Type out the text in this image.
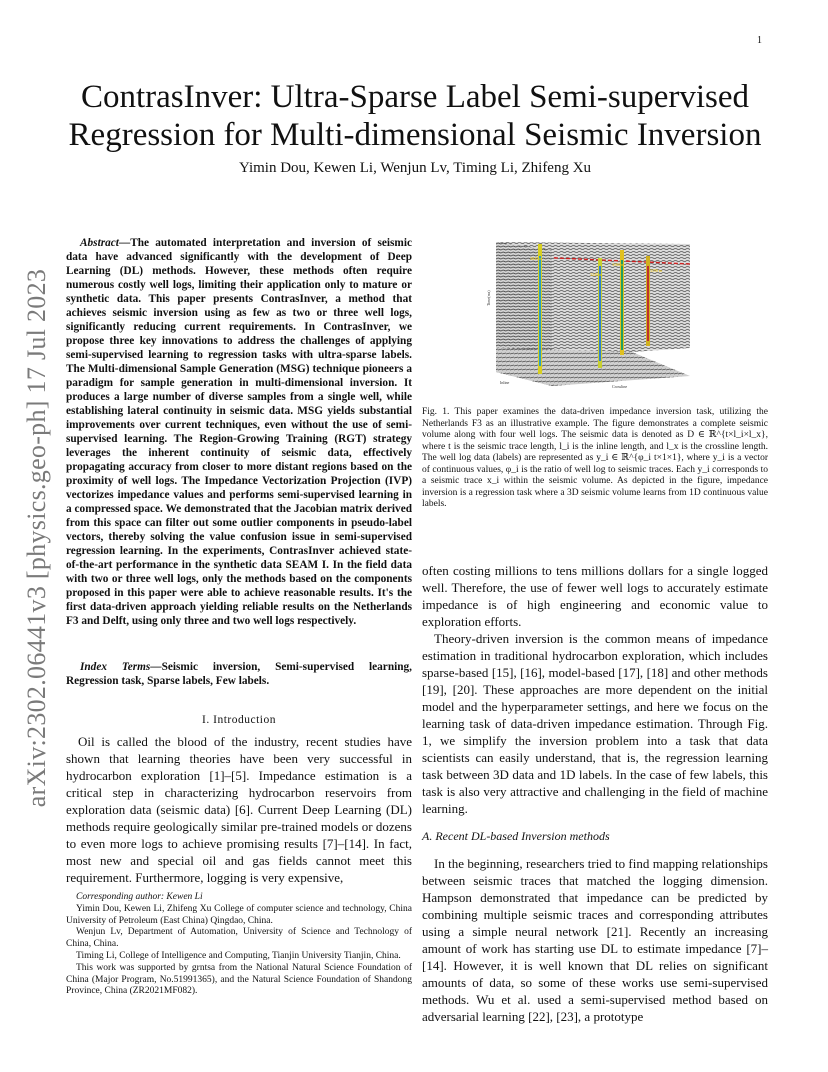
1
arXiv:2302.06441v3 [physics.geo-ph] 17 Jul 2023
ContrasInver: Ultra-Sparse Label Semi-supervised Regression for Multi-dimensional Seismic Inversion
Yimin Dou, Kewen Li, Wenjun Lv, Timing Li, Zhifeng Xu
Abstract—The automated interpretation and inversion of seismic data have advanced significantly with the development of Deep Learning (DL) methods. However, these methods often require numerous costly well logs, limiting their application only to mature or synthetic data. This paper presents ContrasInver, a method that achieves seismic inversion using as few as two or three well logs, significantly reducing current requirements. In ContrasInver, we propose three key innovations to address the challenges of applying semi-supervised learning to regression tasks with ultra-sparse labels. The Multi-dimensional Sample Generation (MSG) technique pioneers a paradigm for sample generation in multi-dimensional inversion. It produces a large number of diverse samples from a single well, while establishing lateral continuity in seismic data. MSG yields substantial improvements over current techniques, even without the use of semi-supervised learning. The Region-Growing Training (RGT) strategy leverages the inherent continuity of seismic data, effectively propagating accuracy from closer to more distant regions based on the proximity of well logs. The Impedance Vectorization Projection (IVP) vectorizes impedance values and performs semi-supervised learning in a compressed space. We demonstrated that the Jacobian matrix derived from this space can filter out some outlier components in pseudo-label vectors, thereby solving the value confusion issue in semi-supervised regression learning. In the experiments, ContrasInver achieved state-of-the-art performance in the synthetic data SEAM I. In the field data with two or three well logs, only the methods based on the components proposed in this paper were able to achieve reasonable results. It's the first data-driven approach yielding reliable results on the Netherlands F3 and Delft, using only three and two well logs respectively.
Index Terms—Seismic inversion, Semi-supervised learning, Regression task, Sparse labels, Few labels.
I. Introduction
Oil is called the blood of the industry, recent studies have shown that learning theories have been very successful in hydrocarbon exploration [1]–[5]. Impedance estimation is a critical step in characterizing hydrocarbon reservoirs from exploration data (seismic data) [6]. Current Deep Learning (DL) methods require geologically similar pre-trained models or dozens to even more logs to achieve promising results [7]–[14]. In fact, most new and special oil and gas fields cannot meet this requirement. Furthermore, logging is very expensive,

Corresponding author: Kewen Li

Yimin Dou, Kewen Li, Zhifeng Xu College of computer science and technology, China University of Petroleum (East China) Qingdao, China.

Wenjun Lv, Department of Automation, University of Science and Technology of China, China.

Timing Li, College of Intelligence and Computing, Tianjin University Tianjin, China.

This work was supported by grntsa from the National Natural Science Foundation of China (Major Program, No.51991365), and the Natural Science Foundation of Shandong Province, China (ZR2021MF082).

3045 m
3240 m
3160 m
3190 m
Time(ms)
Inline
Crossline
Fig. 1. This paper examines the data-driven impedance inversion task, utilizing the Netherlands F3 as an illustrative example. The figure demonstrates a complete seismic volume along with four well logs. The seismic data is denoted as D ∈ ℝ^{t×l_i×l_x}, where t is the seismic trace length, l_i is the inline length, and l_x is the crossline length. The well log data (labels) are represented as y_i ∈ ℝ^{φ_i t×1×1}, where y_i is a vector of continuous values, φ_i is the ratio of well log to seismic traces. Each y_i corresponds to a seismic trace x_i within the seismic volume. As depicted in the figure, impedance inversion is a regression task where a 3D seismic volume learns from 1D continuous value labels.
often costing millions to tens millions dollars for a single logged well. Therefore, the use of fewer well logs to accurately estimate impedance is of high engineering and economic value to exploration efforts.
Theory-driven inversion is the common means of impedance estimation in traditional hydrocarbon exploration, which includes sparse-based [15], [16], model-based [17], [18] and other methods [19], [20]. These approaches are more dependent on the initial model and the hyperparameter settings, and here we focus on the learning task of data-driven impedance estimation. Through Fig. 1, we simplify the inversion problem into a task that data scientists can easily understand, that is, the regression learning task between 3D data and 1D labels. In the case of few labels, this task is also very attractive and challenging in the field of machine learning.
A. Recent DL-based Inversion methods
In the beginning, researchers tried to find mapping relationships between seismic traces that matched the logging dimension. Hampson demonstrated that impedance can be predicted by combining multiple seismic traces and corresponding attributes using a simple neural network [21]. Recently an increasing amount of work has starting use DL to estimate impedance [7]–[14]. However, it is well known that DL relies on significant amounts of data, so some of these works use semi-supervised methods. Wu et al. used a semi-supervised method based on adversarial learning [22], [23], a prototype
